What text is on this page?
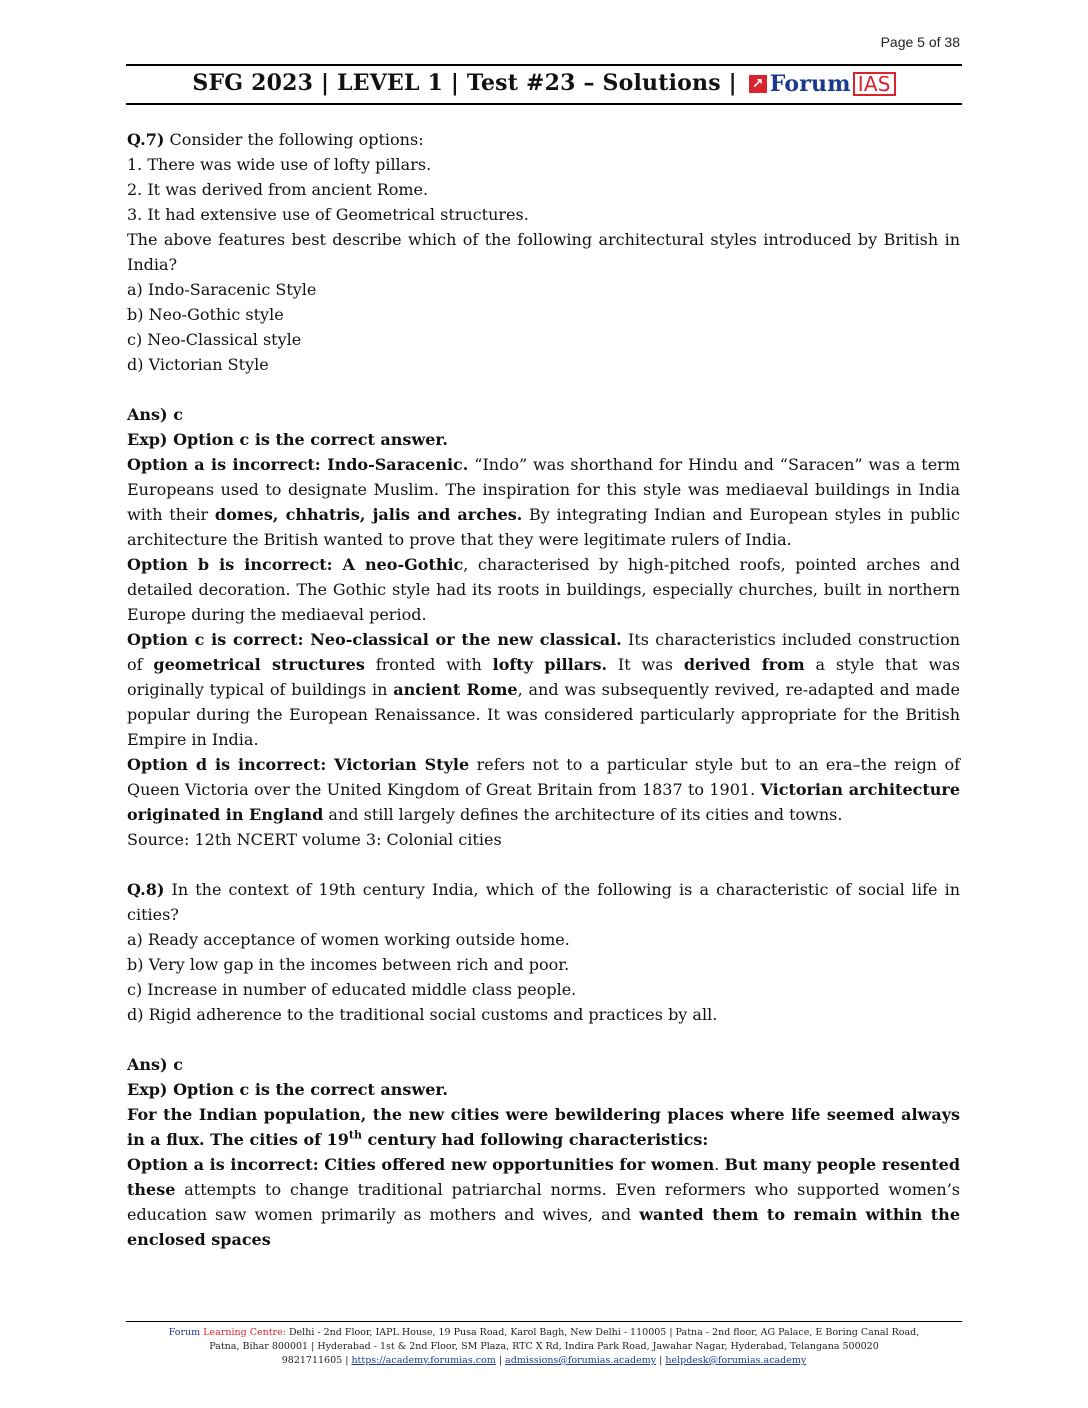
Page 5 of 38
SFG 2023 | LEVEL 1 | Test #23 – Solutions | ↗ Forum IAS

Q.7) Consider the following options:

1. There was wide use of lofty pillars.

2. It was derived from ancient Rome.

3. It had extensive use of Geometrical structures.

The above features best describe which of the following architectural styles introduced by British in India?

a) Indo-Saracenic Style

b) Neo-Gothic style

c) Neo-Classical style

d) Victorian Style

Ans) c

Exp) Option c is the correct answer.

Option a is incorrect: Indo-Saracenic. “Indo” was shorthand for Hindu and “Saracen” was a term Europeans used to designate Muslim. The inspiration for this style was mediaeval buildings in India with their domes, chhatris, jalis and arches. By integrating Indian and European styles in public architecture the British wanted to prove that they were legitimate rulers of India.

Option b is incorrect: A neo-Gothic, characterised by high-pitched roofs, pointed arches and detailed decoration. The Gothic style had its roots in buildings, especially churches, built in northern Europe during the mediaeval period.

Option c is correct: Neo-classical or the new classical. Its characteristics included construction of geometrical structures fronted with lofty pillars. It was derived from a style that was originally typical of buildings in ancient Rome, and was subsequently revived, re-adapted and made popular during the European Renaissance. It was considered particularly appropriate for the British Empire in India.

Option d is incorrect: Victorian Style refers not to a particular style but to an era–the reign of Queen Victoria over the United Kingdom of Great Britain from 1837 to 1901. Victorian architecture originated in England and still largely defines the architecture of its cities and towns.

Source: 12th NCERT volume 3: Colonial cities

Q.8) In the context of 19th century India, which of the following is a characteristic of social life in cities?

a) Ready acceptance of women working outside home.

b) Very low gap in the incomes between rich and poor.

c) Increase in number of educated middle class people.

d) Rigid adherence to the traditional social customs and practices by all.

Ans) c

Exp) Option c is the correct answer.

For the Indian population, the new cities were bewildering places where life seemed always in a flux. The cities of 19th century had following characteristics:

Option a is incorrect: Cities offered new opportunities for women. But many people resented these attempts to change traditional patriarchal norms. Even reformers who supported women’s education saw women primarily as mothers and wives, and wanted them to remain within the enclosed spaces

Forum Learning Centre: Delhi - 2nd Floor, IAPL House, 19 Pusa Road, Karol Bagh, New Delhi - 110005 | Patna - 2nd floor, AG Palace, E Boring Canal Road,
Patna, Bihar 800001 | Hyderabad - 1st & 2nd Floor, SM Plaza, RTC X Rd, Indira Park Road, Jawahar Nagar, Hyderabad, Telangana 500020
9821711605 | https://academy.forumias.com | admissions@forumias.academy | helpdesk@forumias.academy
